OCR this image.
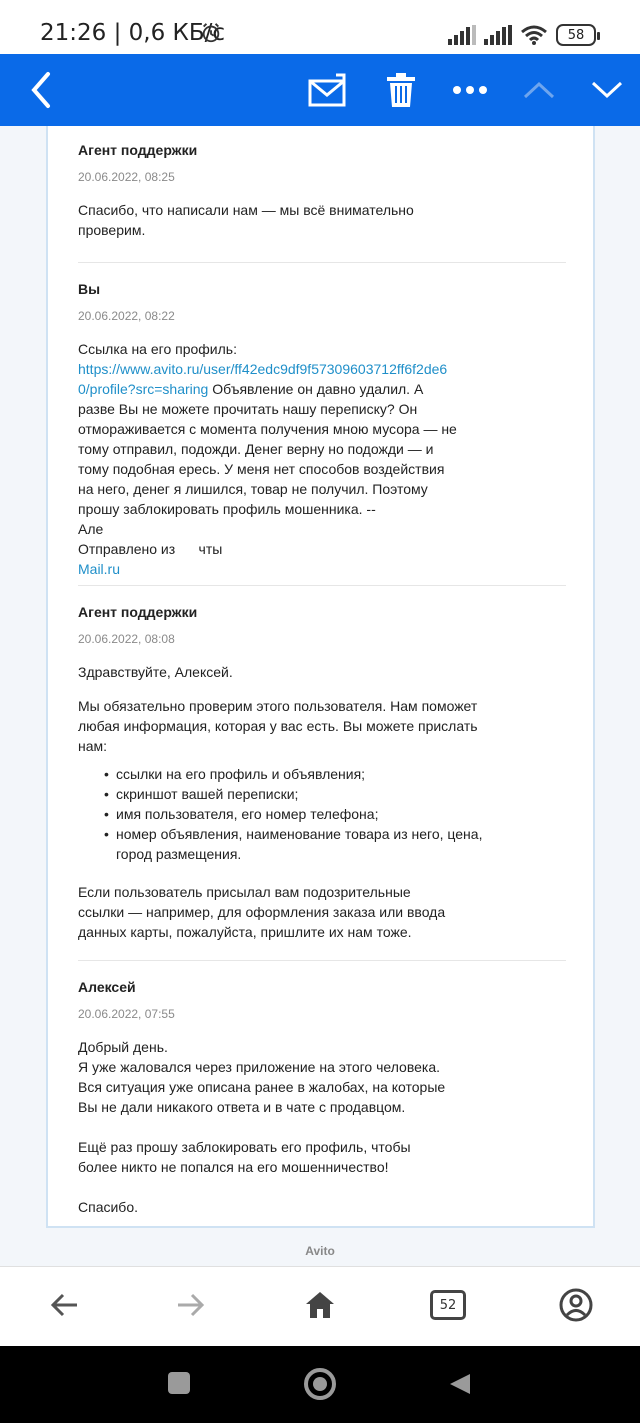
21:26 | 0,6 КБ/с	58
Агент поддержки
20.06.2022, 08:25

Спасибо, что написали нам — мы всё внимательно проверим.

Вы
20.06.2022, 08:22
Ссылка на его профиль:
https://www.avito.ru/user/ff42edc9df9f57309603712ff6f2de60/profile?src=sharing Объявление он давно удалил. А разве Вы не можете прочитать нашу переписку? Он отмораживается с момента получения мною мусора — не тому отправил, подожди. Денег верну но подожди — и тому подобная ересь. У меня нет способов воздействия на него, денег я лишился, товар не получил. Поэтому прошу заблокировать профиль мошенника. --
Але
Отправлено из чты
Mail.ru
Агент поддержки
20.06.2022, 08:08

Здравствуйте, Алексей.

Мы обязательно проверим этого пользователя. Нам поможет любая информация, которая у вас есть. Вы можете прислать нам:

• ссылки на его профиль и объявления;
• скриншот вашей переписки;
• имя пользователя, его номер телефона;
• номер объявления, наименование товара из него, цена, город размещения.

Если пользователь присылал вам подозрительные ссылки — например, для оформления заказа или ввода данных карты, пожалуйста, пришлите их нам тоже.

Алексей
20.06.2022, 07:55
Добрый день.
Я уже жаловался через приложение на этого человека.

Вся ситуация уже описана ранее в жалобах, на которые Вы не дали никакого ответа и в чате с продавцом.

Ещё раз прошу заблокировать его профиль, чтобы более никто не попался на его мошенничество!

Спасибо.

Avito
52
